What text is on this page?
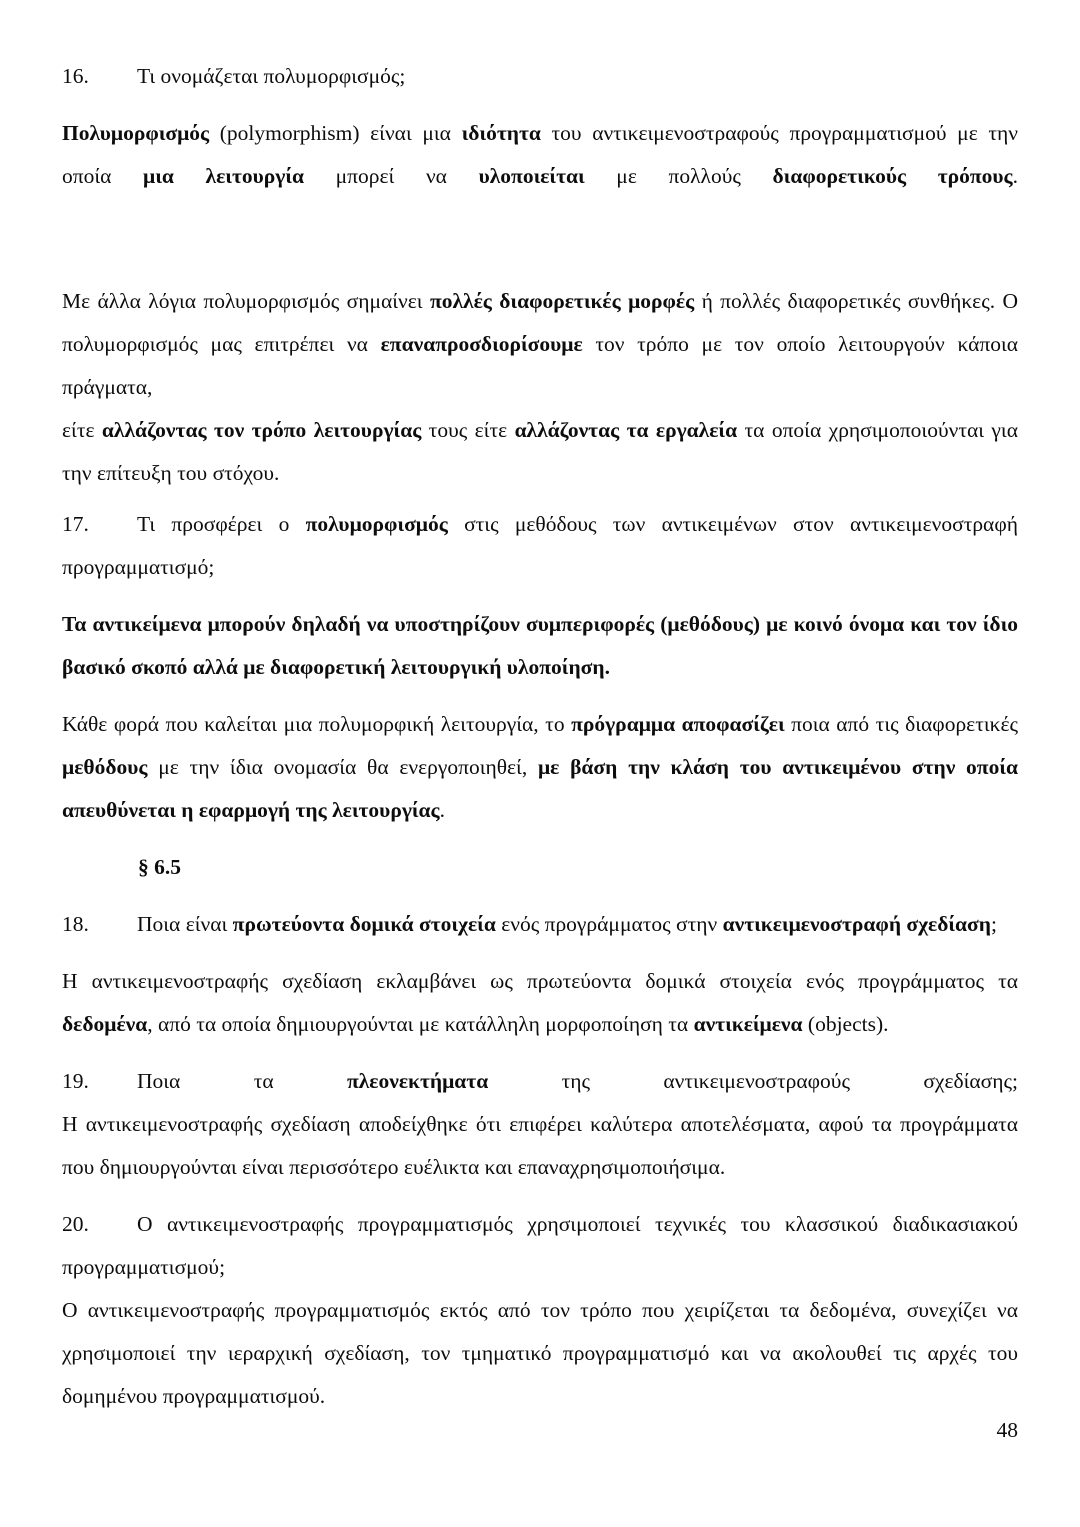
16. Τι ονομάζεται πολυμορφισμός;

Πολυμορφισμός (polymorphism) είναι μια ιδιότητα του αντικειμενοστραφούς προγραμματισμού με την οποία μια λειτουργία μπορεί να υλοποιείται με πολλούς διαφορετικούς τρόπους.

Με άλλα λόγια πολυμορφισμός σημαίνει πολλές διαφορετικές μορφές ή πολλές διαφορετικές συνθήκες. Ο πολυμορφισμός μας επιτρέπει να επαναπροσδιορίσουμε τον τρόπο με τον οποίο λειτουργούν κάποια πράγματα,

είτε αλλάζοντας τον τρόπο λειτουργίας τους είτε αλλάζοντας τα εργαλεία τα οποία χρησιμοποιούνται για την επίτευξη του στόχου.

17. Τι προσφέρει ο πολυμορφισμός στις μεθόδους των αντικειμένων στον αντικειμενοστραφή προγραμματισμό;

Τα αντικείμενα μπορούν δηλαδή να υποστηρίζουν συμπεριφορές (μεθόδους) με κοινό όνομα και τον ίδιο βασικό σκοπό αλλά με διαφορετική λειτουργική υλοποίηση.

Κάθε φορά που καλείται μια πολυμορφική λειτουργία, το πρόγραμμα αποφασίζει ποια από τις διαφορετικές μεθόδους με την ίδια ονομασία θα ενεργοποιηθεί, με βάση την κλάση του αντικειμένου στην οποία απευθύνεται η εφαρμογή της λειτουργίας.

§ 6.5

18. Ποια είναι πρωτεύοντα δομικά στοιχεία ενός προγράμματος στην αντικειμενοστραφή σχεδίαση;

Η αντικειμενοστραφής σχεδίαση εκλαμβάνει ως πρωτεύοντα δομικά στοιχεία ενός προγράμματος τα δεδομένα, από τα οποία δημιουργούνται με κατάλληλη μορφοποίηση τα αντικείμενα (objects).

19. Ποια τα πλεονεκτήματα της αντικειμενοστραφούς σχεδίασης;

Η αντικειμενοστραφής σχεδίαση αποδείχθηκε ότι επιφέρει καλύτερα αποτελέσματα, αφού τα προγράμματα που δημιουργούνται είναι περισσότερο ευέλικτα και επαναχρησιμοποιήσιμα.

20. Ο αντικειμενοστραφής προγραμματισμός χρησιμοποιεί τεχνικές του κλασσικού διαδικασιακού προγραμματισμού;

Ο αντικειμενοστραφής προγραμματισμός εκτός από τον τρόπο που χειρίζεται τα δεδομένα, συνεχίζει να χρησιμοποιεί την ιεραρχική σχεδίαση, τον τμηματικό προγραμματισμό και να ακολουθεί τις αρχές του δομημένου προγραμματισμού.

48
